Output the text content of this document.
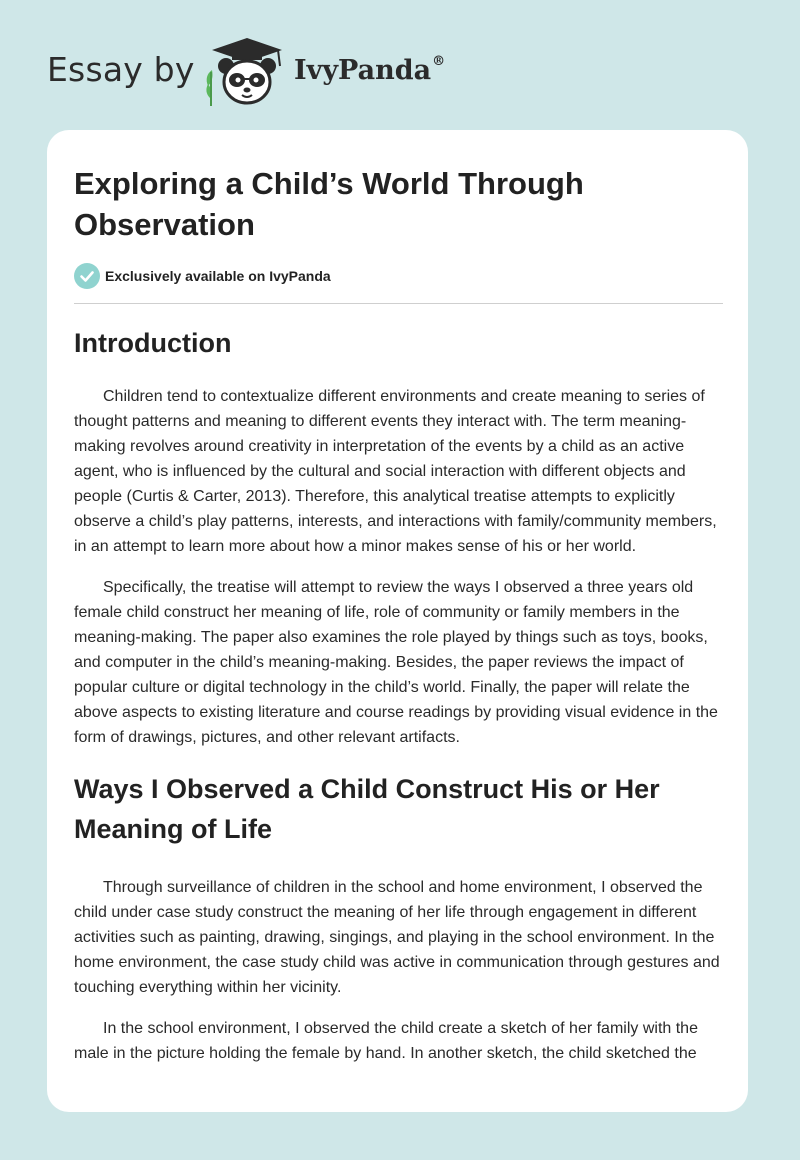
Essay by	IvyPanda®
Exploring a Child’s World Through Observation
Exclusively available on IvyPanda
Introduction

Children tend to contextualize different environments and create meaning to series of thought patterns and meaning to different events they interact with. The term meaning-making revolves around creativity in interpretation of the events by a child as an active agent, who is influenced by the cultural and social interaction with different objects and people (Curtis & Carter, 2013). Therefore, this analytical treatise attempts to explicitly observe a child’s play patterns, interests, and interactions with family/community members, in an attempt to learn more about how a minor makes sense of his or her world.

Specifically, the treatise will attempt to review the ways I observed a three years old female child construct her meaning of life, role of community or family members in the meaning-making. The paper also examines the role played by things such as toys, books, and computer in the child’s meaning-making. Besides, the paper reviews the impact of popular culture or digital technology in the child’s world. Finally, the paper will relate the above aspects to existing literature and course readings by providing visual evidence in the form of drawings, pictures, and other relevant artifacts.

Ways I Observed a Child Construct His or Her Meaning of Life

Through surveillance of children in the school and home environment, I observed the child under case study construct the meaning of her life through engagement in different activities such as painting, drawing, singings, and playing in the school environment. In the home environment, the case study child was active in communication through gestures and touching everything within her vicinity.

In the school environment, I observed the child create a sketch of her family with the male in the picture holding the female by hand. In another sketch, the child sketched the
